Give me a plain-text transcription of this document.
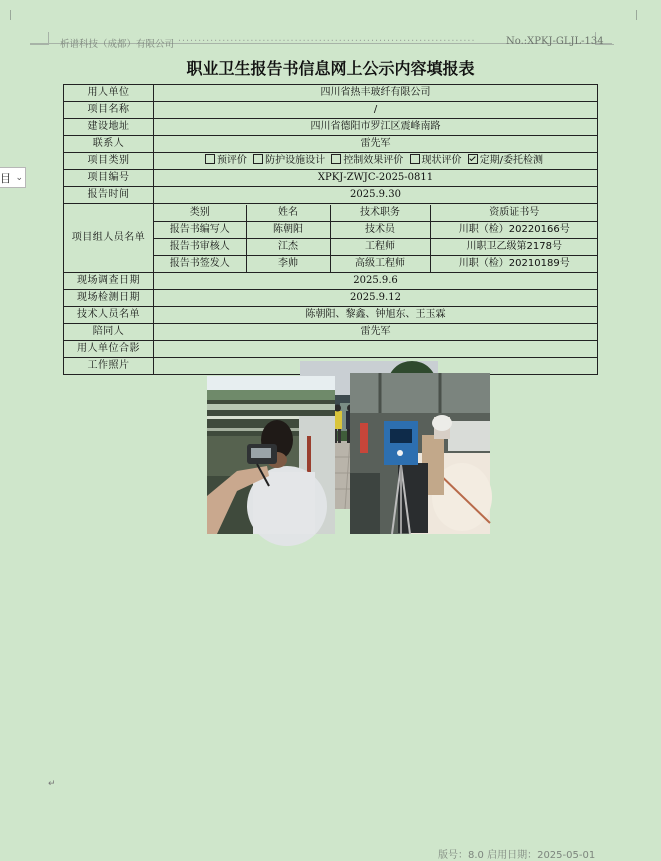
析谱科技（成都）有限公司 ··········································································	No.:XPKJ-GLJL-134
职业卫生报告书信息网上公示内容填报表
目 ⌄
用人单位	四川省热丰玻纤有限公司
项目名称	/
建设地址	四川省德阳市罗江区震峰南路
联系人	雷先军
项目类别	预评价 防护设施设计 控制效果评价 现状评价 定期/委托检测
项目编号	XPKJ-ZWJC-2025-0811
报告时间	2025.9.30
项目组人员名单	
类别	姓名	技术职务	资质证书号
报告书编写人	陈朝阳	技术员	川职（检）20220166号
报告书审核人	江杰	工程师	川职卫乙级第2178号
报告书签发人	李帅	高级工程师	川职（检）20210189号

现场调查日期	2025.9.6
现场检测日期	2025.9.12
技术人员名单	陈朝阳、黎鑫、钟旭东、王玉霖
陪同人	雷先军
用人单位合影	

工作照片	
↵
版号：8.0 启用日期：2025-05-01
